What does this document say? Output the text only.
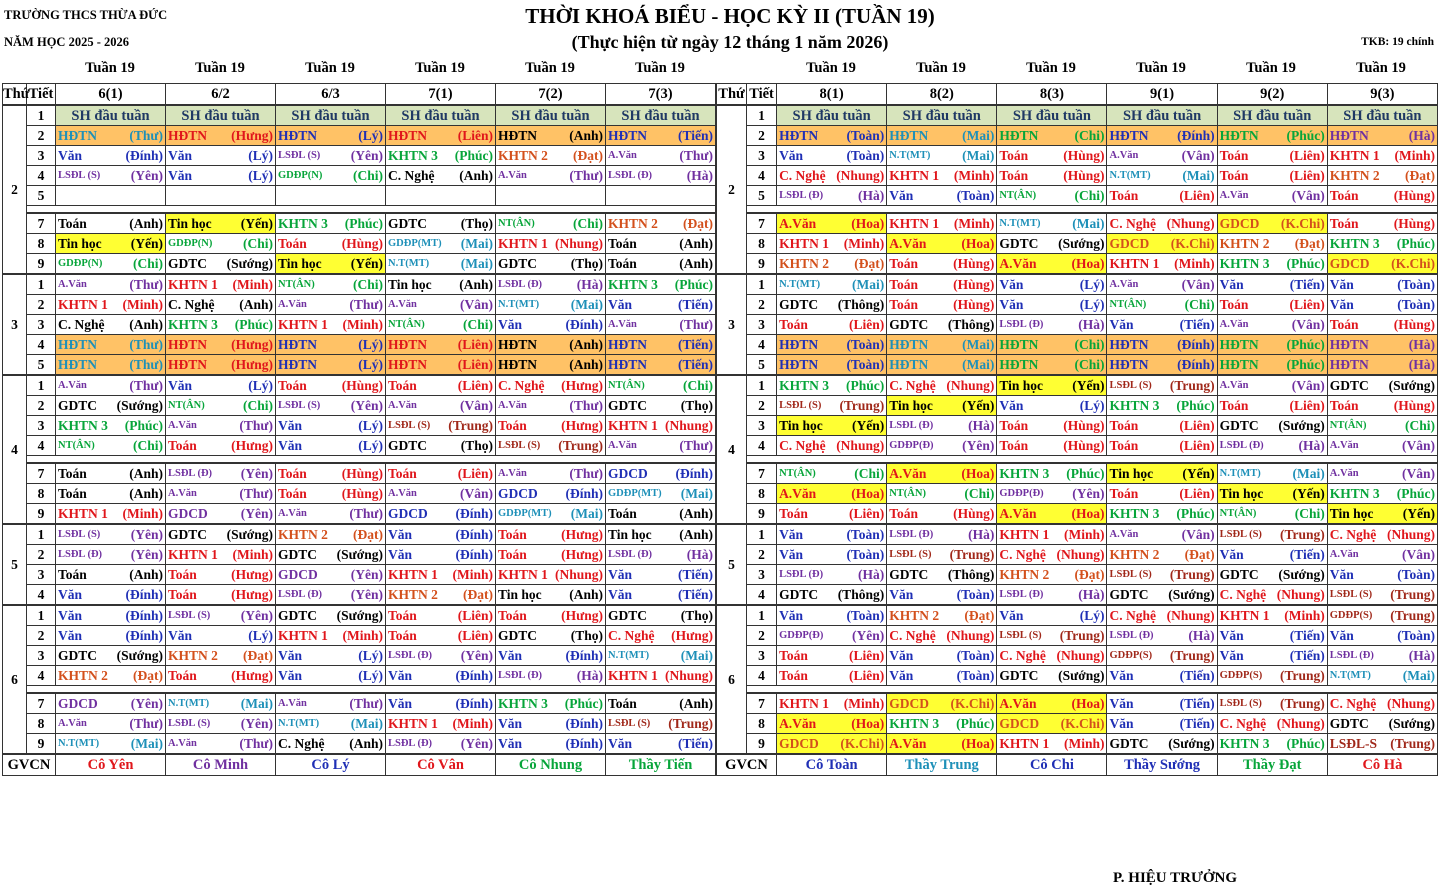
TRƯỜNG THCS THỪA ĐỨC
NĂM HỌC 2025 - 2026
THỜI KHOÁ BIỂU - HỌC KỲ II (TUẦN 19)
(Thực hiện từ ngày 12 tháng 1 năm 2026)	TKB: 19 chính
Tuần 19	Tuần 19	Tuần 19	Tuần 19	Tuần 19	Tuần 19	Tuần 19	Tuần 19	Tuần 19	Tuần 19	Tuần 19	Tuần 19
Thứ	Tiết	6(1)	6/2	6/3	7(1)	7(2)	7(3)
2	1	SH đầu tuần	SH đầu tuần	SH đầu tuần	SH đầu tuần	SH đầu tuần	SH đầu tuần
	2	HĐTN (Thư)	HĐTN (Hưng)	HĐTN (Lý)	HĐTN (Liên)	HĐTN (Anh)	HĐTN (Tiến)

	3	Văn (Đính)	Văn (Lý)	LSĐL (S) (Yên)	KHTN 3 (Phúc)	KHTN 2 (Đạt)	A.Văn (Thư)

	4	LSĐL (S) (Yên)	Văn (Lý)	GDĐP(N) (Chi)	C. Nghệ (Anh)	A.Văn (Thư)	LSĐL (Đ) (Hà)

	5						

	7	Toán (Anh)	Tin học (Yến)	KHTN 3 (Phúc)	GDTC (Thọ)	NT(ÂN) (Chi)	KHTN 2 (Đạt)

	8	Tin học (Yến)	GDĐP(N) (Chi)	Toán (Hùng)	GDĐP(MT) (Mai)	KHTN 1 (Nhung)	Toán (Anh)

	9	GDĐP(N) (Chi)	GDTC (Sướng)	Tin học (Yến)	N.T(MT) (Mai)	GDTC (Thọ)	Toán (Anh)

3	1	A.Văn (Thư)	KHTN 1 (Minh)	NT(ÂN) (Chi)	Tin học (Anh)	LSĐL (Đ) (Hà)	KHTN 3 (Phúc)

	2	KHTN 1 (Minh)	C. Nghệ (Anh)	A.Văn (Thư)	A.Văn (Vân)	N.T(MT) (Mai)	Văn (Tiến)

	3	C. Nghệ (Anh)	KHTN 3 (Phúc)	KHTN 1 (Minh)	NT(ÂN) (Chi)	Văn (Đính)	A.Văn (Thư)

	4	HĐTN (Thư)	HĐTN (Hưng)	HĐTN (Lý)	HĐTN (Liên)	HĐTN (Anh)	HĐTN (Tiến)

	5	HĐTN (Thư)	HĐTN (Hưng)	HĐTN (Lý)	HĐTN (Liên)	HĐTN (Anh)	HĐTN (Tiến)

4	1	A.Văn (Thư)	Văn (Lý)	Toán (Hùng)	Toán (Liên)	C. Nghệ (Hưng)	NT(ÂN) (Chi)

	2	GDTC (Sướng)	NT(ÂN) (Chi)	LSĐL (S) (Yên)	A.Văn (Vân)	A.Văn (Thư)	GDTC (Thọ)

	3	KHTN 3 (Phúc)	A.Văn (Thư)	Văn (Lý)	LSĐL (S) (Trung)	Toán (Hưng)	KHTN 1 (Nhung)

	4	NT(ÂN) (Chi)	Toán (Hưng)	Văn (Lý)	GDTC (Thọ)	LSĐL (S) (Trung)	A.Văn (Thư)

	7	Toán (Anh)	LSĐL (Đ) (Yên)	Toán (Hùng)	Toán (Liên)	A.Văn (Thư)	GDCD (Đính)

	8	Toán (Anh)	A.Văn (Thư)	Toán (Hùng)	A.Văn (Vân)	GDCD (Đính)	GDĐP(MT) (Mai)

	9	KHTN 1 (Minh)	GDCD (Yên)	A.Văn (Thư)	GDCD (Đính)	GDĐP(MT) (Mai)	Toán (Anh)

5	1	LSĐL (S) (Yên)	GDTC (Sướng)	KHTN 2 (Đạt)	Văn (Đính)	Toán (Hưng)	Tin học (Anh)

	2	LSĐL (Đ) (Yên)	KHTN 1 (Minh)	GDTC (Sướng)	Văn (Đính)	Toán (Hưng)	LSĐL (Đ) (Hà)

	3	Toán (Anh)	Toán (Hưng)	GDCD (Yên)	KHTN 1 (Minh)	KHTN 1 (Nhung)	Văn (Tiến)

	4	Văn (Đính)	Toán (Hưng)	LSĐL (Đ) (Yên)	KHTN 2 (Đạt)	Tin học (Anh)	Văn (Tiến)

6	1	Văn (Đính)	LSĐL (S) (Yên)	GDTC (Sướng)	Toán (Liên)	Toán (Hưng)	GDTC (Thọ)

	2	Văn (Đính)	Văn (Lý)	KHTN 1 (Minh)	Toán (Liên)	GDTC (Thọ)	C. Nghệ (Hưng)

	3	GDTC (Sướng)	KHTN 2 (Đạt)	Văn (Lý)	LSĐL (Đ) (Yên)	Văn (Đính)	N.T(MT) (Mai)

	4	KHTN 2 (Đạt)	Toán (Hưng)	Văn (Lý)	Văn (Đính)	LSĐL (Đ) (Hà)	KHTN 1 (Nhung)

	7	GDCD (Yên)	N.T(MT) (Mai)	A.Văn (Thư)	Văn (Đính)	KHTN 3 (Phúc)	Toán (Anh)

	8	A.Văn (Thư)	LSĐL (S) (Yên)	N.T(MT) (Mai)	KHTN 1 (Minh)	Văn (Đính)	LSĐL (S) (Trung)

	9	N.T(MT) (Mai)	A.Văn (Thư)	C. Nghệ (Anh)	LSĐL (Đ) (Yên)	Văn (Đính)	Văn (Tiến)

GVCN		Cô Yên	Cô Minh	Cô Lý	Cô Vân	Cô Nhung	Thầy Tiến
Thứ	Tiết	8(1)	8(2)	8(3)	9(1)	9(2)	9(3)
2	1	SH đầu tuần	SH đầu tuần	SH đầu tuần	SH đầu tuần	SH đầu tuần	SH đầu tuần
	2	HĐTN (Toàn)	HĐTN (Mai)	HĐTN (Chi)	HĐTN (Đính)	HĐTN (Phúc)	HĐTN (Hà)

	3	Văn (Toàn)	N.T(MT) (Mai)	Toán (Hùng)	A.Văn (Vân)	Toán (Liên)	KHTN 1 (Minh)

	4	C. Nghệ (Nhung)	KHTN 1 (Minh)	Toán (Hùng)	N.T(MT) (Mai)	Toán (Liên)	KHTN 2 (Đạt)

	5	LSĐL (Đ) (Hà)	Văn (Toàn)	NT(ÂN) (Chi)	Toán (Liên)	A.Văn (Vân)	Toán (Hùng)

	7	A.Văn (Hoa)	KHTN 1 (Minh)	N.T(MT) (Mai)	C. Nghệ (Nhung)	GDCD (K.Chi)	Toán (Hùng)

	8	KHTN 1 (Minh)	A.Văn (Hoa)	GDTC (Sướng)	GDCD (K.Chi)	KHTN 2 (Đạt)	KHTN 3 (Phúc)

	9	KHTN 2 (Đạt)	Toán (Hùng)	A.Văn (Hoa)	KHTN 1 (Minh)	KHTN 3 (Phúc)	GDCD (K.Chi)

3	1	N.T(MT) (Mai)	Toán (Hùng)	Văn (Lý)	A.Văn (Vân)	Văn (Tiến)	Văn (Toàn)

	2	GDTC (Thông)	Toán (Hùng)	Văn (Lý)	NT(ÂN) (Chi)	Toán (Liên)	Văn (Toàn)

	3	Toán (Liên)	GDTC (Thông)	LSĐL (Đ) (Hà)	Văn (Tiến)	A.Văn (Vân)	Toán (Hùng)

	4	HĐTN (Toàn)	HĐTN (Mai)	HĐTN (Chi)	HĐTN (Đính)	HĐTN (Phúc)	HĐTN (Hà)

	5	HĐTN (Toàn)	HĐTN (Mai)	HĐTN (Chi)	HĐTN (Đính)	HĐTN (Phúc)	HĐTN (Hà)

4	1	KHTN 3 (Phúc)	C. Nghệ (Nhung)	Tin học (Yến)	LSĐL (S) (Trung)	A.Văn (Vân)	GDTC (Sướng)

	2	LSĐL (S) (Trung)	Tin học (Yến)	Văn (Lý)	KHTN 3 (Phúc)	Toán (Liên)	Toán (Hùng)

	3	Tin học (Yến)	LSĐL (Đ) (Hà)	Toán (Hùng)	Toán (Liên)	GDTC (Sướng)	NT(ÂN) (Chi)

	4	C. Nghệ (Nhung)	GDĐP(Đ) (Yên)	Toán (Hùng)	Toán (Liên)	LSĐL (Đ) (Hà)	A.Văn (Vân)

	7	NT(ÂN) (Chi)	A.Văn (Hoa)	KHTN 3 (Phúc)	Tin học (Yến)	N.T(MT) (Mai)	A.Văn (Vân)

	8	A.Văn (Hoa)	NT(ÂN) (Chi)	GDĐP(Đ) (Yên)	Toán (Liên)	Tin học (Yến)	KHTN 3 (Phúc)

	9	Toán (Liên)	Toán (Hùng)	A.Văn (Hoa)	KHTN 3 (Phúc)	NT(ÂN) (Chi)	Tin học (Yến)

5	1	Văn (Toàn)	LSĐL (Đ) (Hà)	KHTN 1 (Minh)	A.Văn (Vân)	LSĐL (S) (Trung)	C. Nghệ (Nhung)

	2	Văn (Toàn)	LSĐL (S) (Trung)	C. Nghệ (Nhung)	KHTN 2 (Đạt)	Văn (Tiến)	A.Văn (Vân)

	3	LSĐL (Đ) (Hà)	GDTC (Thông)	KHTN 2 (Đạt)	LSĐL (S) (Trung)	GDTC (Sướng)	Văn (Toàn)

	4	GDTC (Thông)	Văn (Toàn)	LSĐL (Đ) (Hà)	GDTC (Sướng)	C. Nghệ (Nhung)	LSĐL (S) (Trung)

6	1	Văn (Toàn)	KHTN 2 (Đạt)	Văn (Lý)	C. Nghệ (Nhung)	KHTN 1 (Minh)	GDĐP(S) (Trung)

	2	GDĐP(Đ) (Yên)	C. Nghệ (Nhung)	LSĐL (S) (Trung)	LSĐL (Đ) (Hà)	Văn (Tiến)	Văn (Toàn)

	3	Toán (Liên)	Văn (Toàn)	C. Nghệ (Nhung)	GDĐP(S) (Trung)	Văn (Tiến)	LSĐL (Đ) (Hà)

	4	Toán (Liên)	Văn (Toàn)	GDTC (Sướng)	Văn (Tiến)	GDĐP(S) (Trung)	N.T(MT) (Mai)

	7	KHTN 1 (Minh)	GDCD (K.Chi)	A.Văn (Hoa)	Văn (Tiến)	LSĐL (S) (Trung)	C. Nghệ (Nhung)

	8	A.Văn (Hoa)	KHTN 3 (Phúc)	GDCD (K.Chi)	Văn (Tiến)	C. Nghệ (Nhung)	GDTC (Sướng)

	9	GDCD (K.Chi)	A.Văn (Hoa)	KHTN 1 (Minh)	GDTC (Sướng)	KHTN 3 (Phúc)	LSĐL-S (Trung)

GVCN		Cô Toàn	Thầy Trung	Cô Chi	Thầy Sướng	Thầy Đạt	Cô Hà
P. HIỆU TRƯỞNG
